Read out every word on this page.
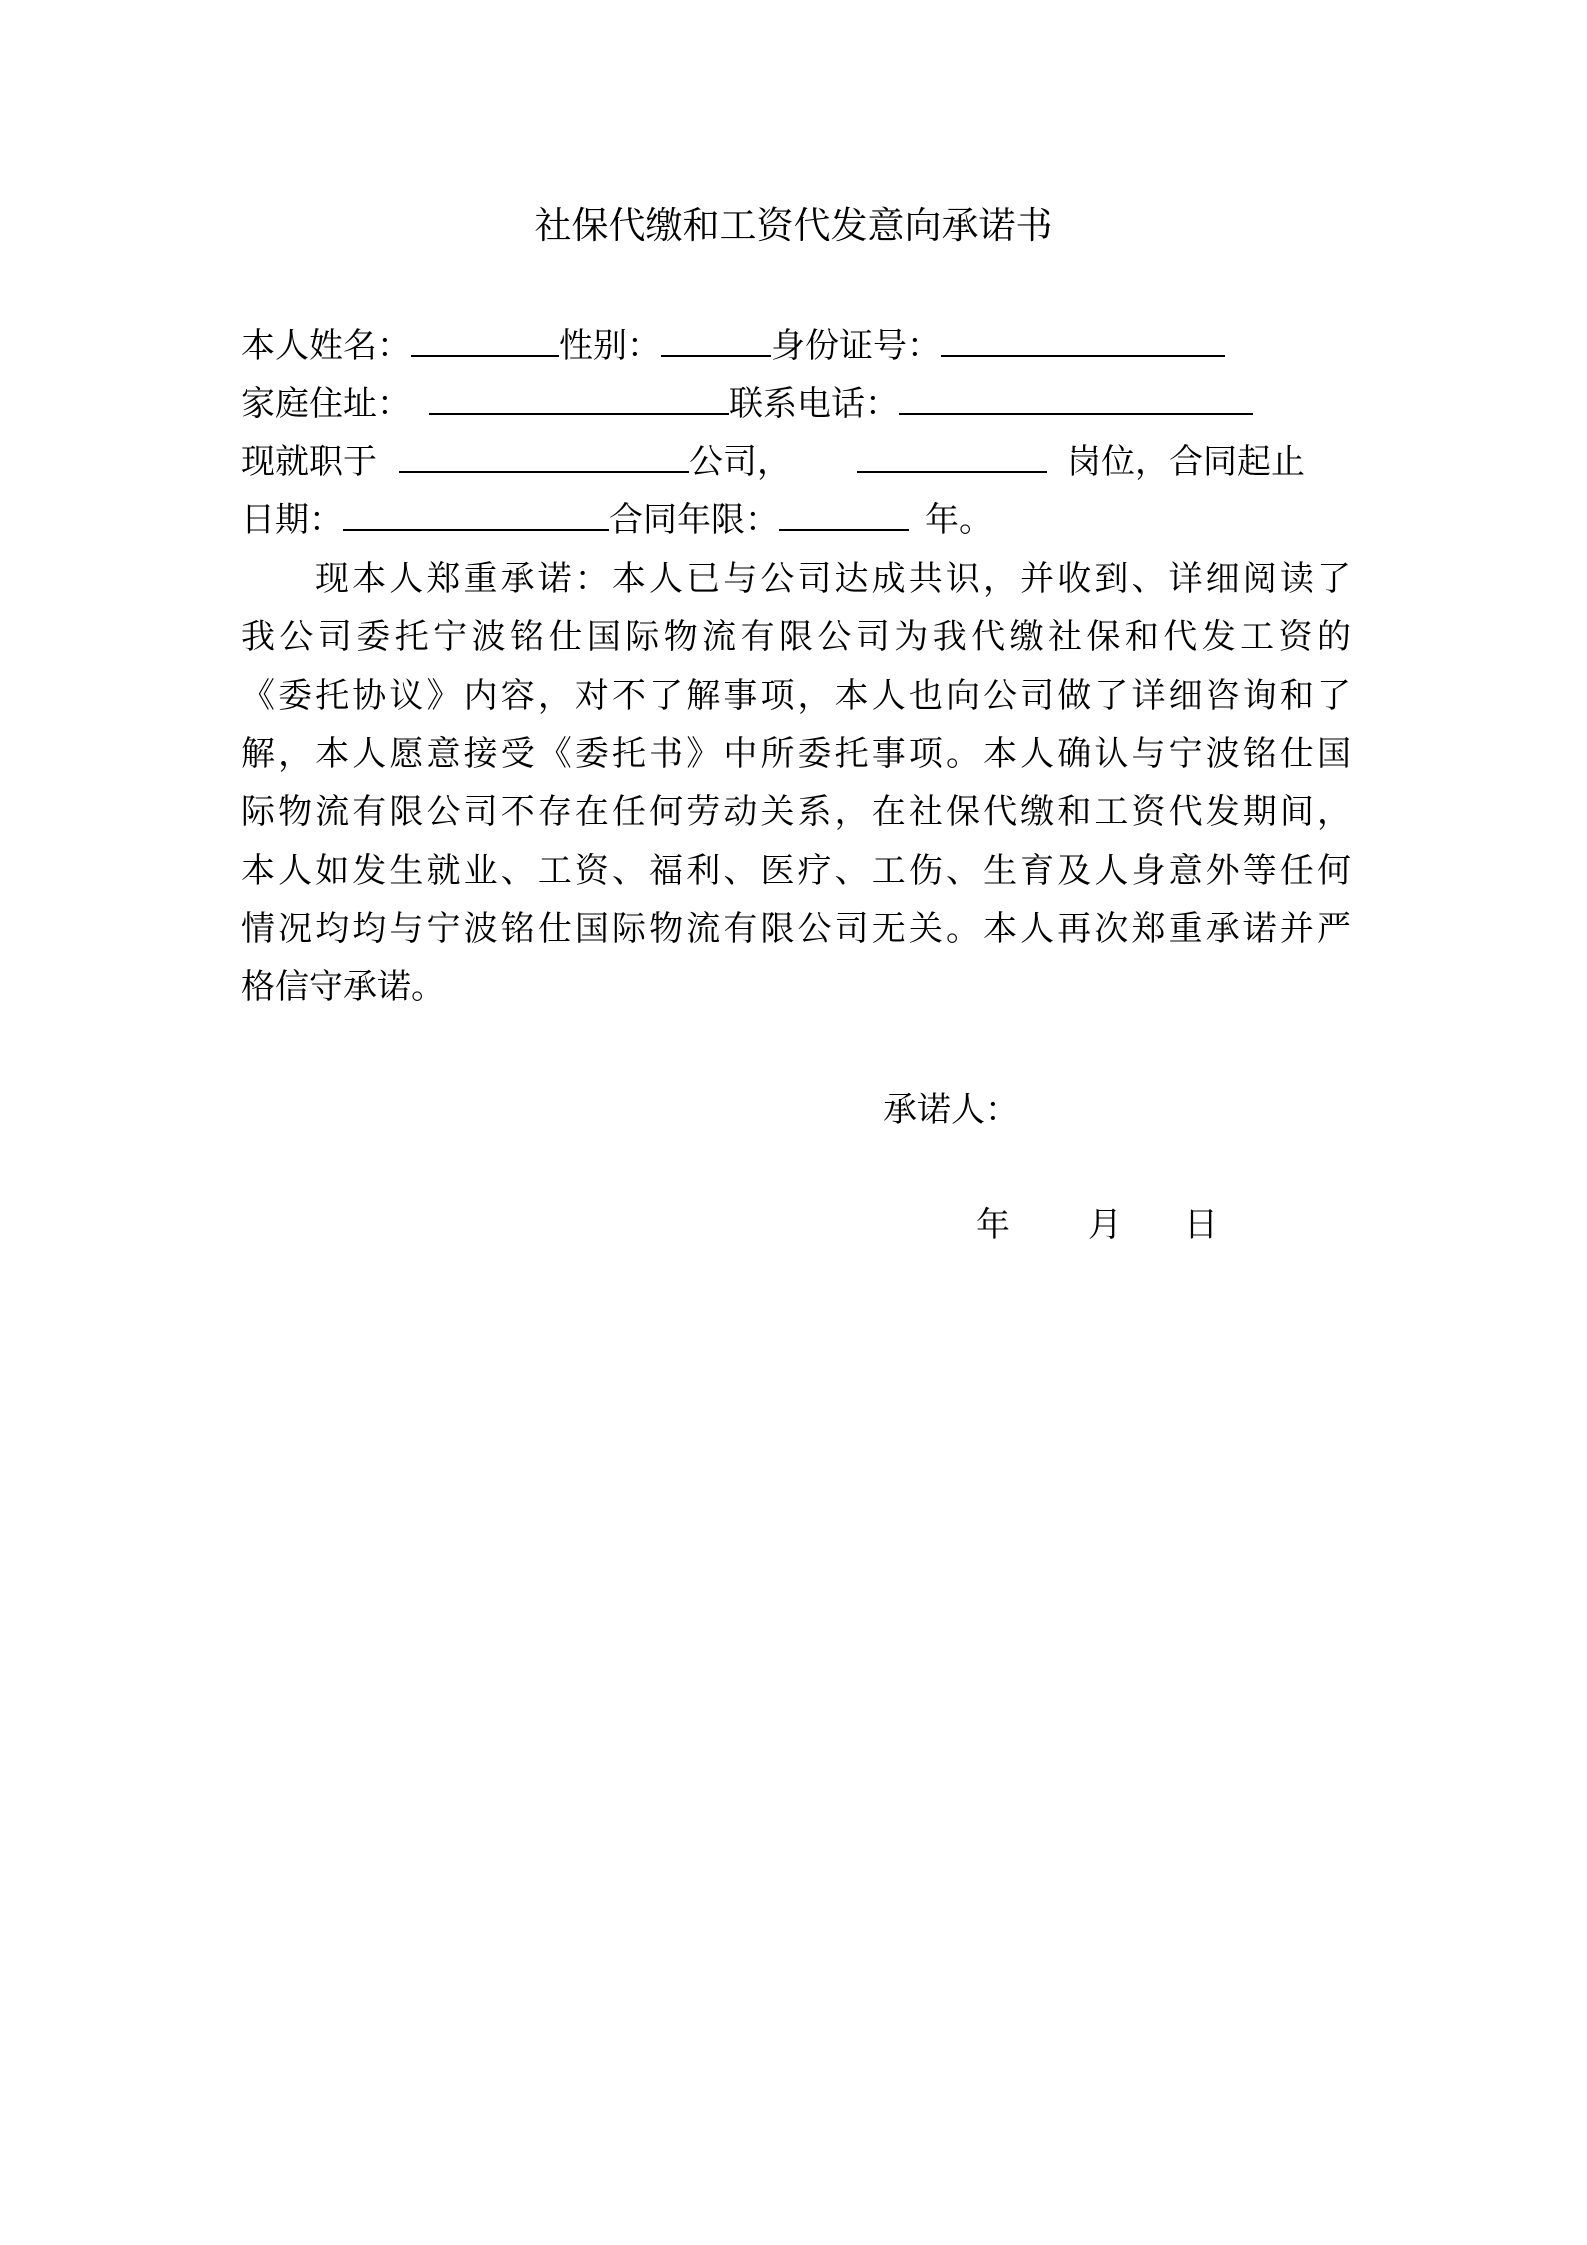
社保代缴和工资代发意向承诺书
本人姓名：	性别：	身份证号：
家庭住址：	联系电话：
现就职于	公司，	岗位，合同起止
日期：	合同年限：	年。
现本人郑重承诺：本人已与公司达成共识，并收到、详细阅读了
我公司委托宁波铭仕国际物流有限公司为我代缴社保和代发工资的
《委托协议》内容，对不了解事项，本人也向公司做了详细咨询和了
解，本人愿意接受《委托书》中所委托事项。本人确认与宁波铭仕国
际物流有限公司不存在任何劳动关系，在社保代缴和工资代发期间，
本人如发生就业、工资、福利、医疗、工伤、生育及人身意外等任何
情况均均与宁波铭仕国际物流有限公司无关。本人再次郑重承诺并严
格信守承诺。
承诺人：
年 月 日
